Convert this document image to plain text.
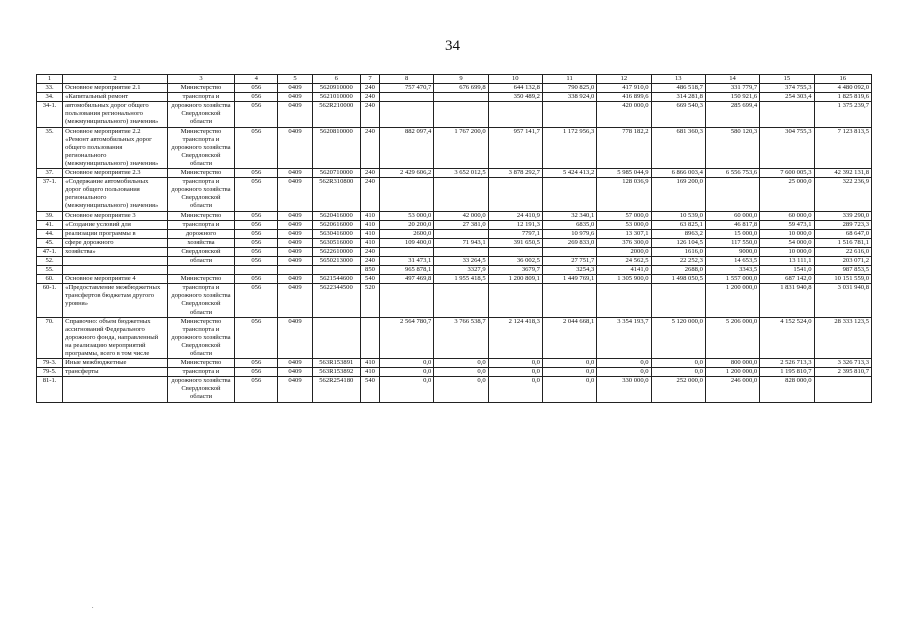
34
1	2	3	4	5	6	7	8	9	10	11	12	13	14	15	16
33.	Основное мероприятие 2.1	Министерство	056	0409	5620910000	240	757 470,7	676 699,8	644 132,8	790 825,0	417 910,0	486 518,7	331 779,7	374 755,3	4 480 092,0
34.	«Капитальный ремонт	транспорта и	056	0409	5621010000	240			350 489,2	338 924,0	416 899,6	314 281,8	150 921,6	254 303,4	1 825 819,6
34-1.	автомобильных дорог общего пользования регионального (межмуниципального) значения»	дорожного хозяйства Свердловской области	056	0409	562R210000	240					420 000,0	669 540,3	285 699,4		1 375 239,7
35.	Основное мероприятие 2.2 «Ремонт автомобильных дорог общего пользования регионального (межмуниципального) значения»	Министерство транспорта и дорожного хозяйства Свердловской области	056	0409	5620810000	240	882 097,4	1 767 200,0	957 141,7	1 172 956,3	778 182,2	681 360,3	580 120,3	304 755,3	7 123 813,5
37.	Основное мероприятие 2.3	Министерство	056	0409	5620710000	240	2 429 606,2	3 652 012,5	3 878 292,7	5 424 413,2	5 985 044,9	6 866 003,4	6 556 753,6	7 600 005,3	42 392 131,8
37-1.	«Содержание автомобильных дорог общего пользования регионального (межмуниципального) значения»	транспорта и дорожного хозяйства Свердловской области	056	0409	562R310800	240					128 036,9	169 200,0		25 000,0	322 236,9
39.	Основное мероприятие 3	Министерство	056	0409	5620416000	410	53 000,0	42 000,0	24 410,9	32 340,1	57 000,0	10 539,0	60 000,0	60 000,0	339 290,0
41.	«Создание условий для	транспорта и	056	0409	5620616000	410	20 200,0	27 381,0	12 191,3	6835,0	53 000,0	63 825,1	46 817,8	59 473,1	289 723,3
44.	реализации программы в	дорожного	056	0409	5630416000	410	2600,0		7797,1	10 979,6	13 307,1	8963,2	15 000,0	10 000,0	68 647,0
45.	сфере дорожного	хозяйства	056	0409	5630516000	410	109 400,0	71 943,1	391 650,5	269 833,0	376 300,0	126 104,5	117 550,0	54 000,0	1 516 781,1
47-1.	хозяйства»	Свердловской	056	0409	5622610000	240					2000,0	1616,0	9000,0	10 000,0	22 616,0
52.		области	056	0409	5650213000	240	31 473,1	33 264,5	36 002,5	27 751,7	24 562,5	22 252,3	14 653,5	13 111,1	203 071,2
55.						850	965 878,1	3327,9	3679,7	3254,3	4141,0	2688,0	3343,5	1541,0	987 853,5
60.	Основное мероприятие 4	Министерство	056	0409	5621544600	540	497 469,8	1 955 418,5	1 200 809,1	1 449 769,1	1 305 900,0	1 498 050,5	1 557 000,0	687 142,0	10 151 559,0
60-1.	«Предоставление межбюджетных трансфертов бюджетам другого уровня»	транспорта и дорожного хозяйства Свердловской области	056	0409	5622344500	520							1 200 000,0	1 831 940,8	3 031 940,8
70.	Справочно: объем бюджетных ассигнований Федерального дорожного фонда, направленный на реализацию мероприятий программы, всего в том числе	Министерство транспорта и дорожного хозяйства Свердловской области	056	0409			2 564 780,7	3 766 538,7	2 124 418,3	2 044 668,1	3 354 193,7	5 120 000,0	5 206 000,0	4 152 524,0	28 333 123,5
79-3.	Иные межбюджетные	Министерство	056	0409	563R153891	410	0,0	0,0	0,0	0,0	0,0	0,0	800 000,0	2 526 713,3	3 326 713,3
79-5.	трансферты	транспорта и	056	0409	563R153892	410	0,0	0,0	0,0	0,0	0,0	0,0	1 200 000,0	1 195 810,7	2 395 810,7
81-1.		дорожного хозяйства Свердловской области	056	0409	562R254180	540	0,0	0,0	0,0	0,0	330 000,0	252 000,0	246 000,0	828 000,0	
.
